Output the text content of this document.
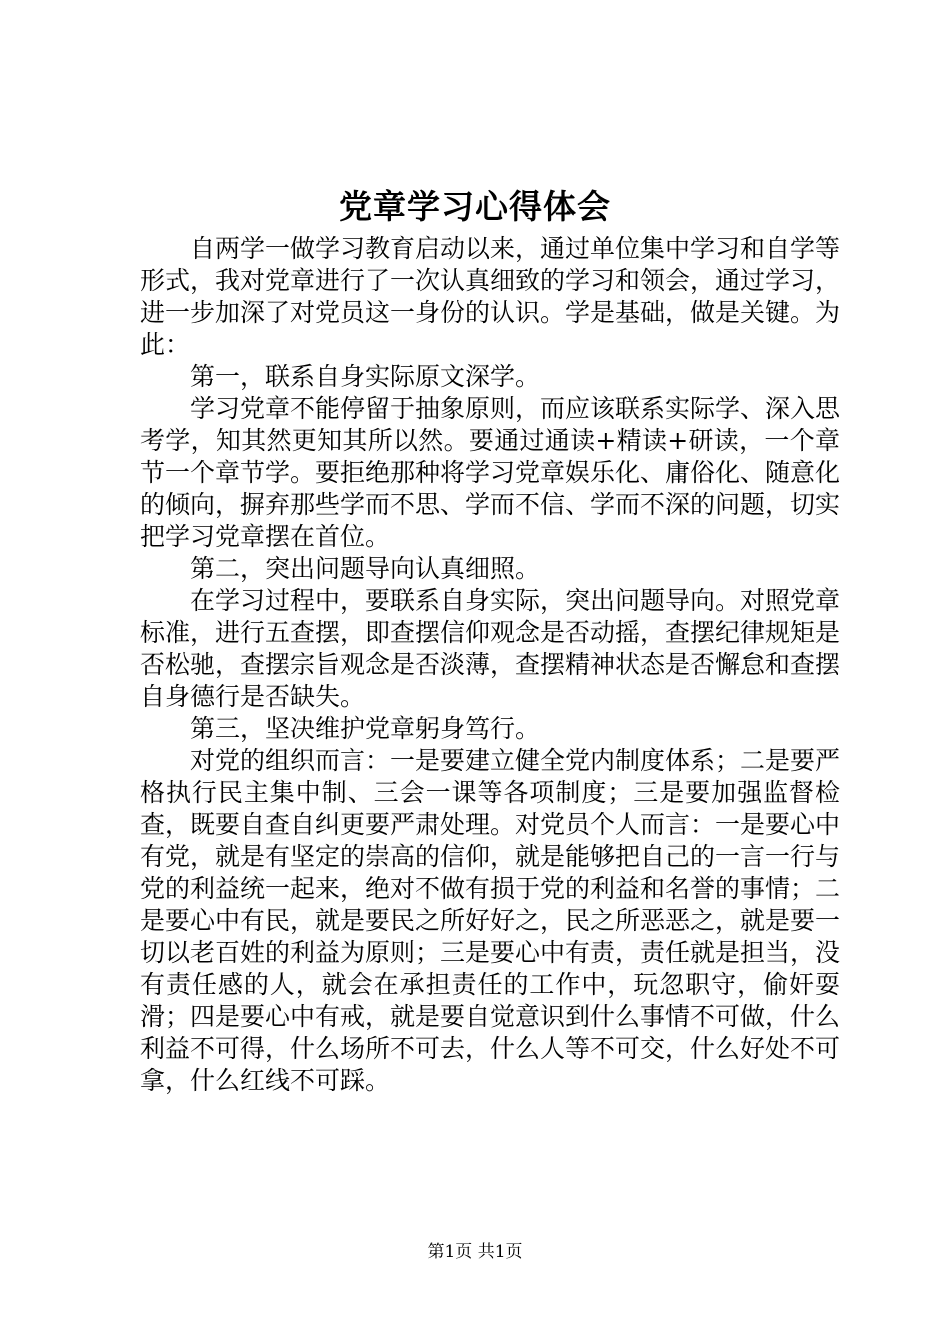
党章学习心得体会

自两学一做学习教育启动以来，通过单位集中学习和自学等形式，我对党章进行了一次认真细致的学习和领会，通过学习，进一步加深了对党员这一身份的认识。学是基础，做是关键。为此：

第一，联系自身实际原文深学。

学习党章不能停留于抽象原则，而应该联系实际学、深入思考学，知其然更知其所以然。要通过通读+精读+研读，一个章节一个章节学。要拒绝那种将学习党章娱乐化、庸俗化、随意化的倾向，摒弃那些学而不思、学而不信、学而不深的问题，切实把学习党章摆在首位。

第二，突出问题导向认真细照。

在学习过程中，要联系自身实际，突出问题导向。对照党章标准，进行五查摆，即查摆信仰观念是否动摇，查摆纪律规矩是否松驰，查摆宗旨观念是否淡薄，查摆精神状态是否懈怠和查摆自身德行是否缺失。

第三，坚决维护党章躬身笃行。

对党的组织而言：一是要建立健全党内制度体系；二是要严格执行民主集中制、三会一课等各项制度；三是要加强监督检查，既要自查自纠更要严肃处理。对党员个人而言：一是要心中有党，就是有坚定的崇高的信仰，就是能够把自己的一言一行与党的利益统一起来，绝对不做有损于党的利益和名誉的事情；二是要心中有民，就是要民之所好好之，民之所恶恶之，就是要一切以老百姓的利益为原则；三是要心中有责，责任就是担当，没有责任感的人，就会在承担责任的工作中，玩忽职守，偷奸耍滑；四是要心中有戒，就是要自觉意识到什么事情不可做，什么利益不可得，什么场所不可去，什么人等不可交，什么好处不可拿，什么红线不可踩。

第1页 共1页
